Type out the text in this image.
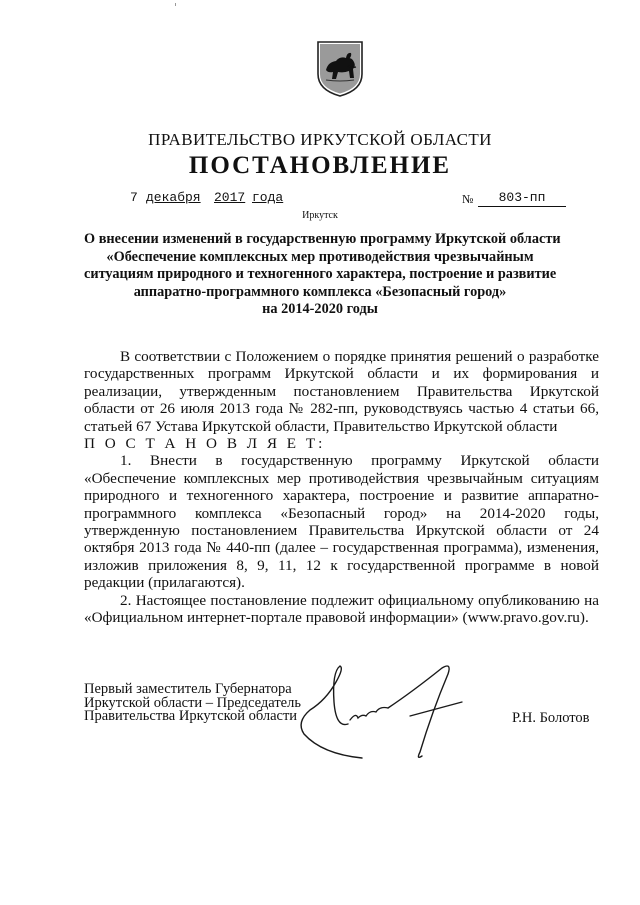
ПРАВИТЕЛЬСТВО ИРКУТСКОЙ ОБЛАСТИ
ПОСТАНОВЛЕНИЕ
7 декабря 2017 года	№	803-пп
Иркутск
О внесении изменений в государственную программу Иркутской области
«Обеспечение комплексных мер противодействия чрезвычайным
ситуациям природного и техногенного характера, построение и развитие
аппаратно-программного комплекса «Безопасный город»
на 2014-2020 годы

В соответствии с Положением о порядке принятия решений о разработке государственных программ Иркутской области и их формирования и реализации, утвержденным постановлением Правительства Иркутской области от 26 июля 2013 года № 282-пп, руководствуясь частью 4 статьи 66, статьей 67 Устава Иркутской области, Правительство Иркутской области

П О С Т А Н О В Л Я Е Т:

1. Внести в государственную программу Иркутской области «Обеспечение комплексных мер противодействия чрезвычайным ситуациям природного и техногенного характера, построение и развитие аппаратно-программного комплекса «Безопасный город» на 2014-2020 годы, утвержденную постановлением Правительства Иркутской области от 24 октября 2013 года № 440-пп (далее – государственная программа), изменения, изложив приложения 8, 9, 11, 12 к государственной программе в новой редакции (прилагаются).

2. Настоящее постановление подлежит официальному опубликованию на «Официальном интернет-портале правовой информации» (www.pravo.gov.ru).

Первый заместитель Губернатора
Иркутской области – Председатель
Правительства Иркутской области	Р.Н. Болотов
